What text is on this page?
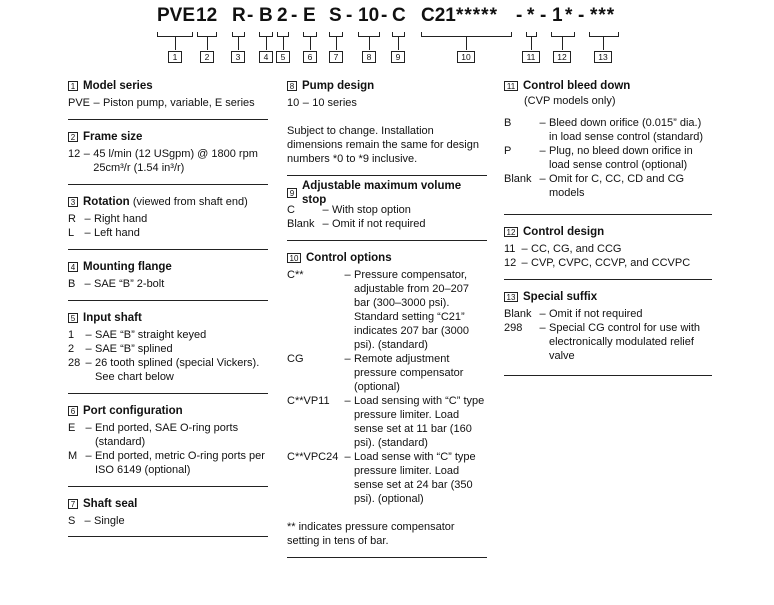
PVE 12 R - B 2 - E S - 10 - C C21 ***** - * - 1 * - ***
1	2	3	4	5	6	7	8	9	10	11	12	13
1 Model series
PVE – Piston pump, variable, E series
2 Frame size
12 – 45 l/min (12 USgpm) @ 1800 rpm
25cm³/r (1.54 in³/r)
3 Rotation
(viewed from shaft end)
R – Right hand
L – Left hand
4 Mounting flange
B – SAE “B” 2-bolt
5 Input shaft
1	– SAE “B” straight keyed
2	– SAE “B” splined
28 – 26 tooth splined (special Vickers). See chart below
6 Port configuration
E – End ported, SAE O-ring ports (standard)
M – End ported, metric O-ring ports per ISO 6149 (optional)
7 Shaft seal
S – Single
8 Pump design
10 – 10 series
Subject to change. Installation dimensions remain the same for design numbers *0 to *9 inclusive.
9
Adjustable maximum volume stop
C	– With stop option
Blank – Omit if not required
10 Control options
C**	– Pressure compensator, adjustable from 20–207 bar (300–3000 psi). Standard setting “C21” indicates 207 bar (3000 psi). (standard)
CG	– Remote adjustment pressure compensator (optional)
C**VP11	– Load sensing with “C” type pressure limiter. Load sense set at 11 bar (160 psi). (standard)
C**VPC24 – Load sense with “C” type pressure limiter. Load sense set at 24 bar (350 psi). (optional)
** indicates pressure compensator setting in tens of bar.
11 Control bleed down
(CVP models only)
B	– Bleed down orifice (0.015” dia.) in load sense control (standard)
P	– Plug, no bleed down orifice in load sense control (optional)
Blank – Omit for C, CC, CD and CG models
12 Control design
11 – CC, CG, and CCG
12 – CVP, CVPC, CCVP, and CCVPC
13 Special suffix
Blank – Omit if not required
298	– Special CG control for use with electronically modulated relief valve
